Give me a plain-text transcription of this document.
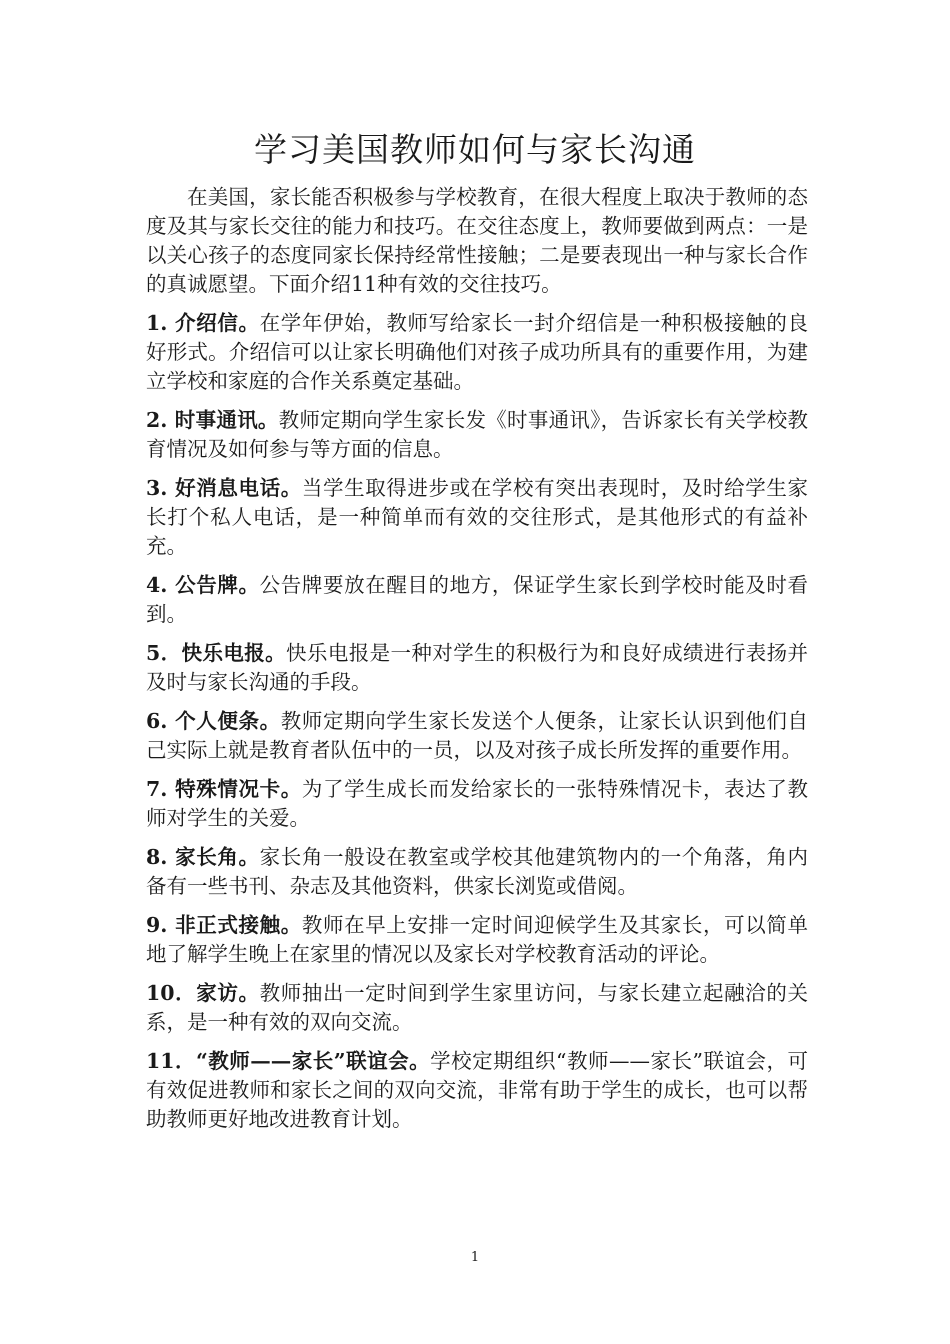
学习美国教师如何与家长沟通

在美国，家长能否积极参与学校教育，在很大程度上取决于教师的态度及其与家长交往的能力和技巧。在交往态度上，教师要做到两点：一是以关心孩子的态度同家长保持经常性接触；二是要表现出一种与家长合作的真诚愿望。下面介绍11种有效的交往技巧。

1. 介绍信。在学年伊始，教师写给家长一封介绍信是一种积极接触的良好形式。介绍信可以让家长明确他们对孩子成功所具有的重要作用，为建立学校和家庭的合作关系奠定基础。

2. 时事通讯。教师定期向学生家长发《时事通讯》，告诉家长有关学校教育情况及如何参与等方面的信息。

3. 好消息电话。当学生取得进步或在学校有突出表现时，及时给学生家长打个私人电话，是一种简单而有效的交往形式，是其他形式的有益补充。

4. 公告牌。公告牌要放在醒目的地方，保证学生家长到学校时能及时看到。

5．快乐电报。快乐电报是一种对学生的积极行为和良好成绩进行表扬并及时与家长沟通的手段。

6. 个人便条。教师定期向学生家长发送个人便条，让家长认识到他们自己实际上就是教育者队伍中的一员，以及对孩子成长所发挥的重要作用。

7. 特殊情况卡。为了学生成长而发给家长的一张特殊情况卡，表达了教师对学生的关爱。

8. 家长角。家长角一般设在教室或学校其他建筑物内的一个角落，角内备有一些书刊、杂志及其他资料，供家长浏览或借阅。

9. 非正式接触。教师在早上安排一定时间迎候学生及其家长，可以简单地了解学生晚上在家里的情况以及家长对学校教育活动的评论。

10．家访。教师抽出一定时间到学生家里访问，与家长建立起融洽的关系，是一种有效的双向交流。

11．“教师——家长”联谊会。学校定期组织“教师——家长”联谊会，可有效促进教师和家长之间的双向交流，非常有助于学生的成长，也可以帮助教师更好地改进教育计划。

1
